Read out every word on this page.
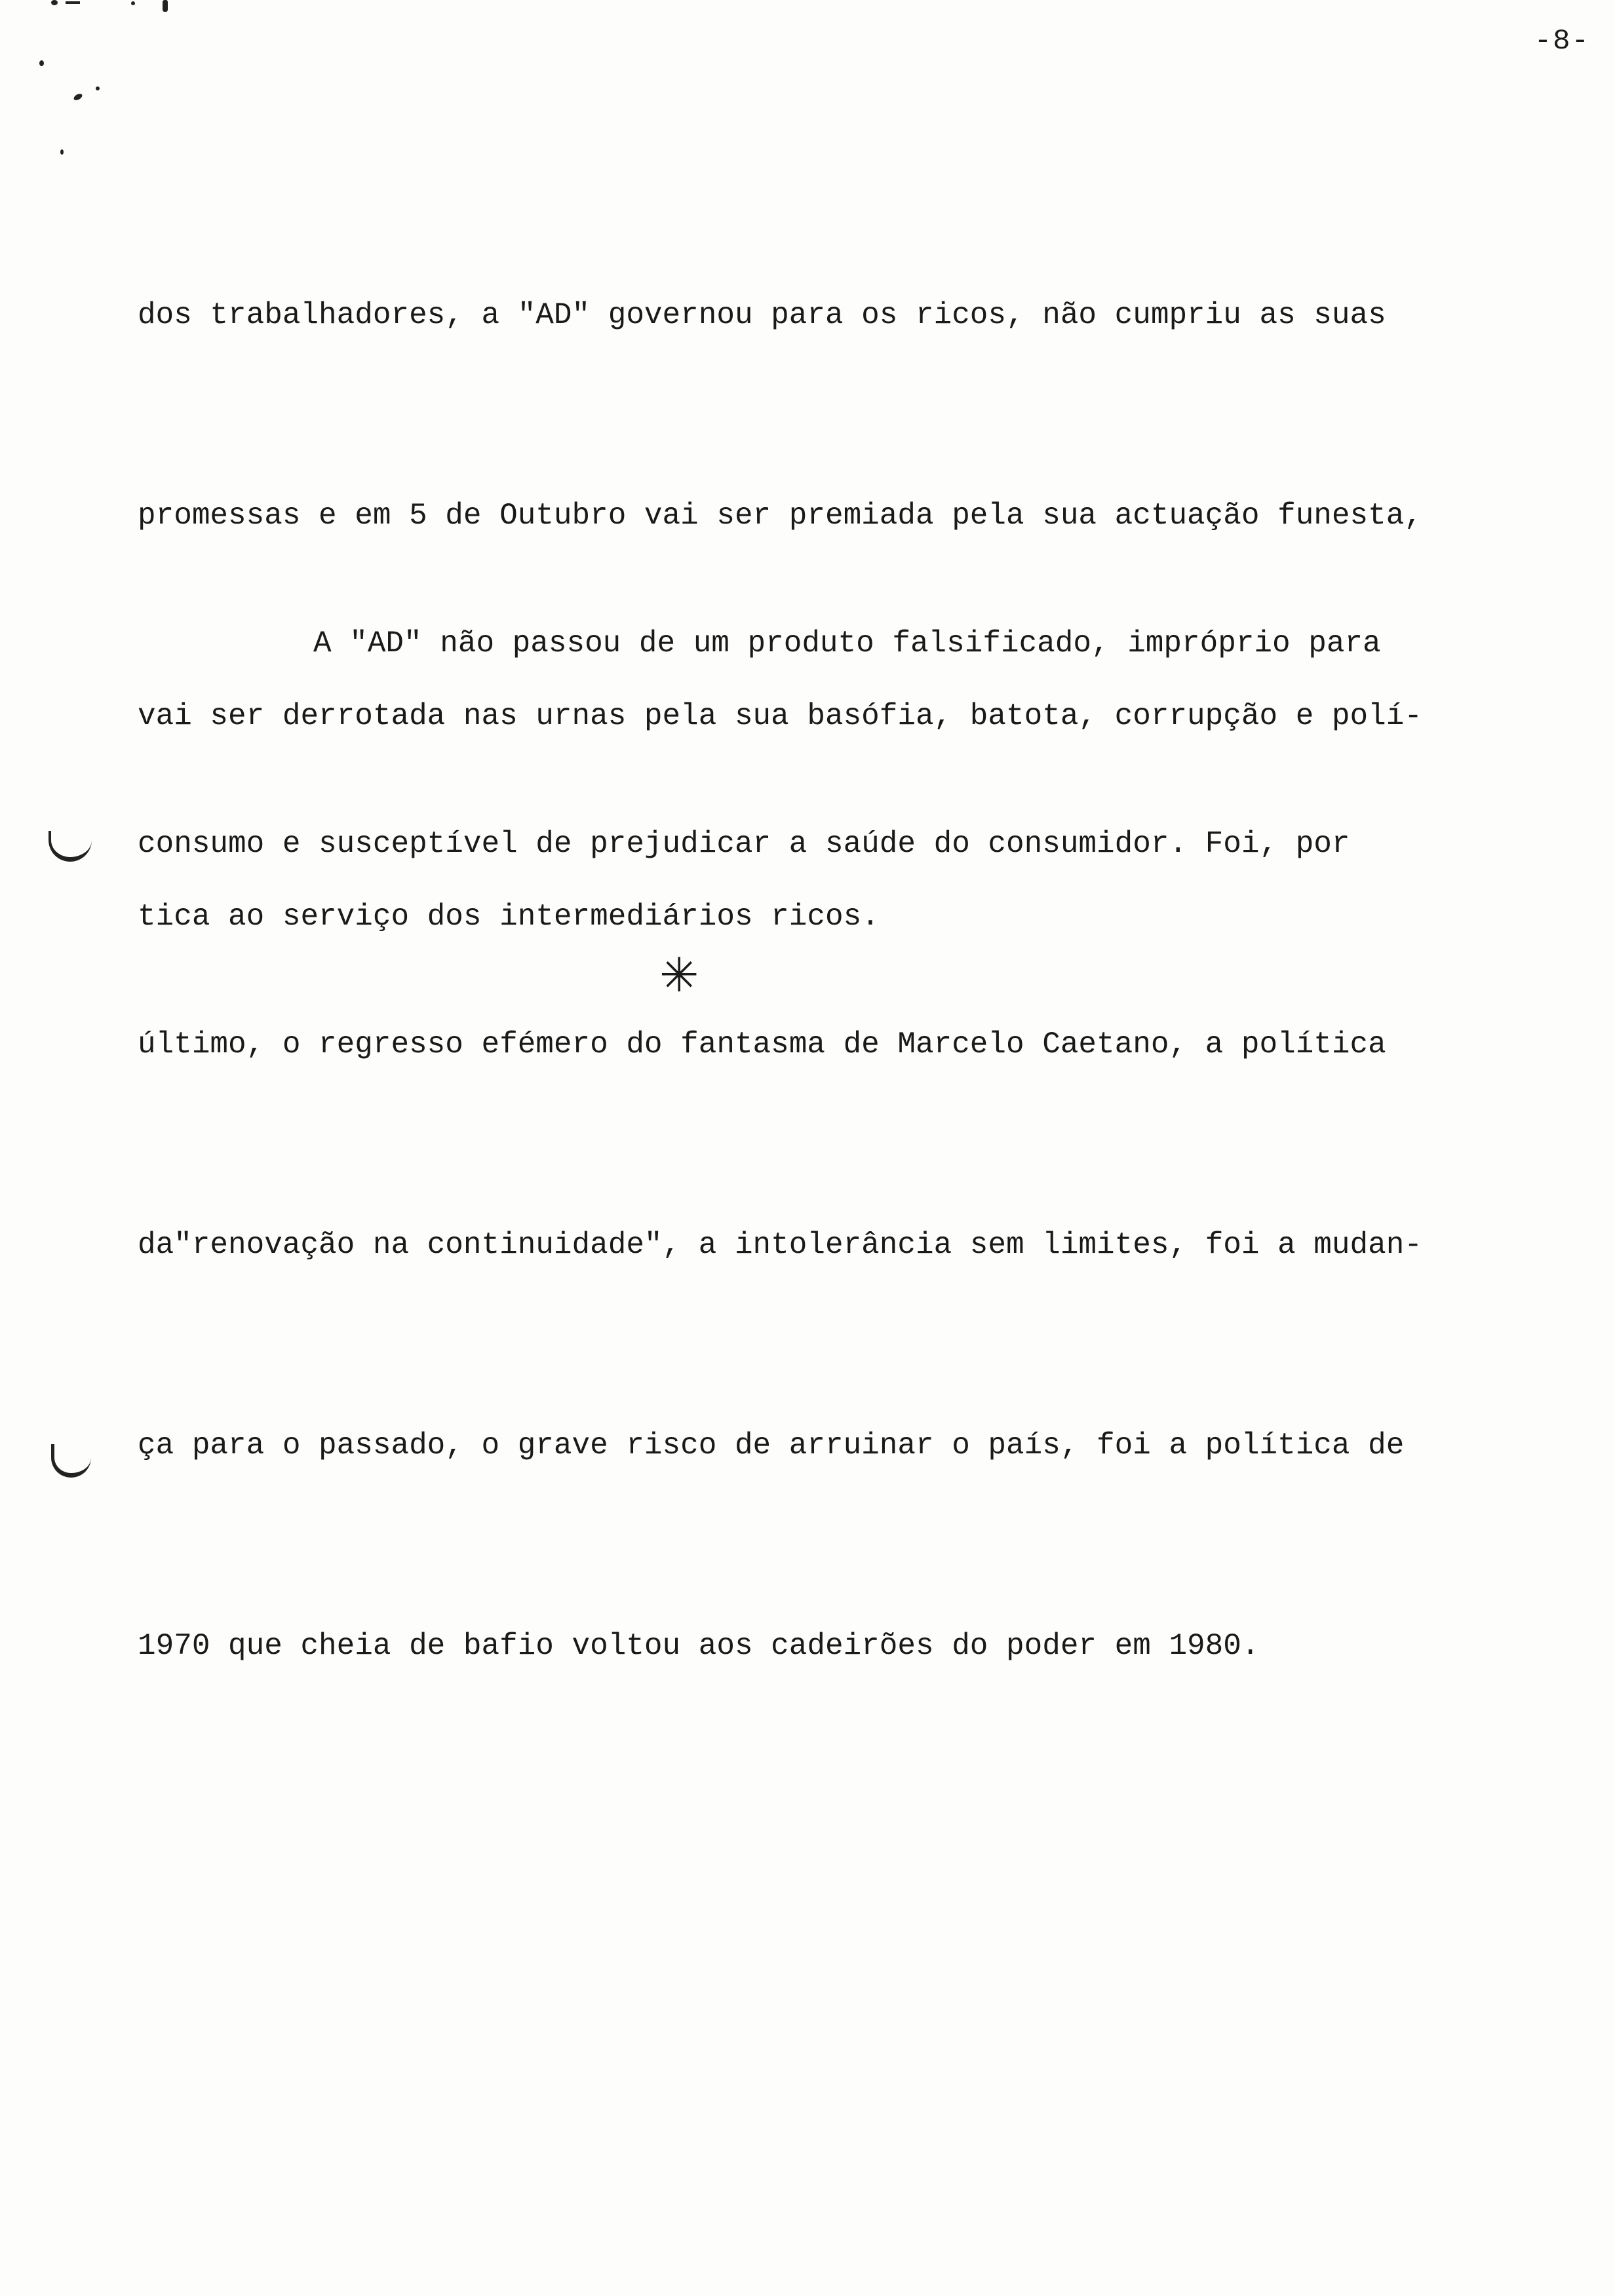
-8-

dos trabalhadores, a "AD" governou para os ricos, não cumpriu as suas

promessas e em 5 de Outubro vai ser premiada pela sua actuação funesta,

vai ser derrotada nas urnas pela sua basófia, batota, corrupção e polí-

tica ao serviço dos intermediários ricos.

A "AD" não passou de um produto falsificado, impróprio para

consumo e susceptível de prejudicar a saúde do consumidor. Foi, por

último, o regresso efémero do fantasma de Marcelo Caetano, a política

da"renovação na continuidade", a intolerância sem limites, foi a mudan-

ça para o passado, o grave risco de arruinar o país, foi a política de

1970 que cheia de bafio voltou aos cadeirões do poder em 1980.

✳
